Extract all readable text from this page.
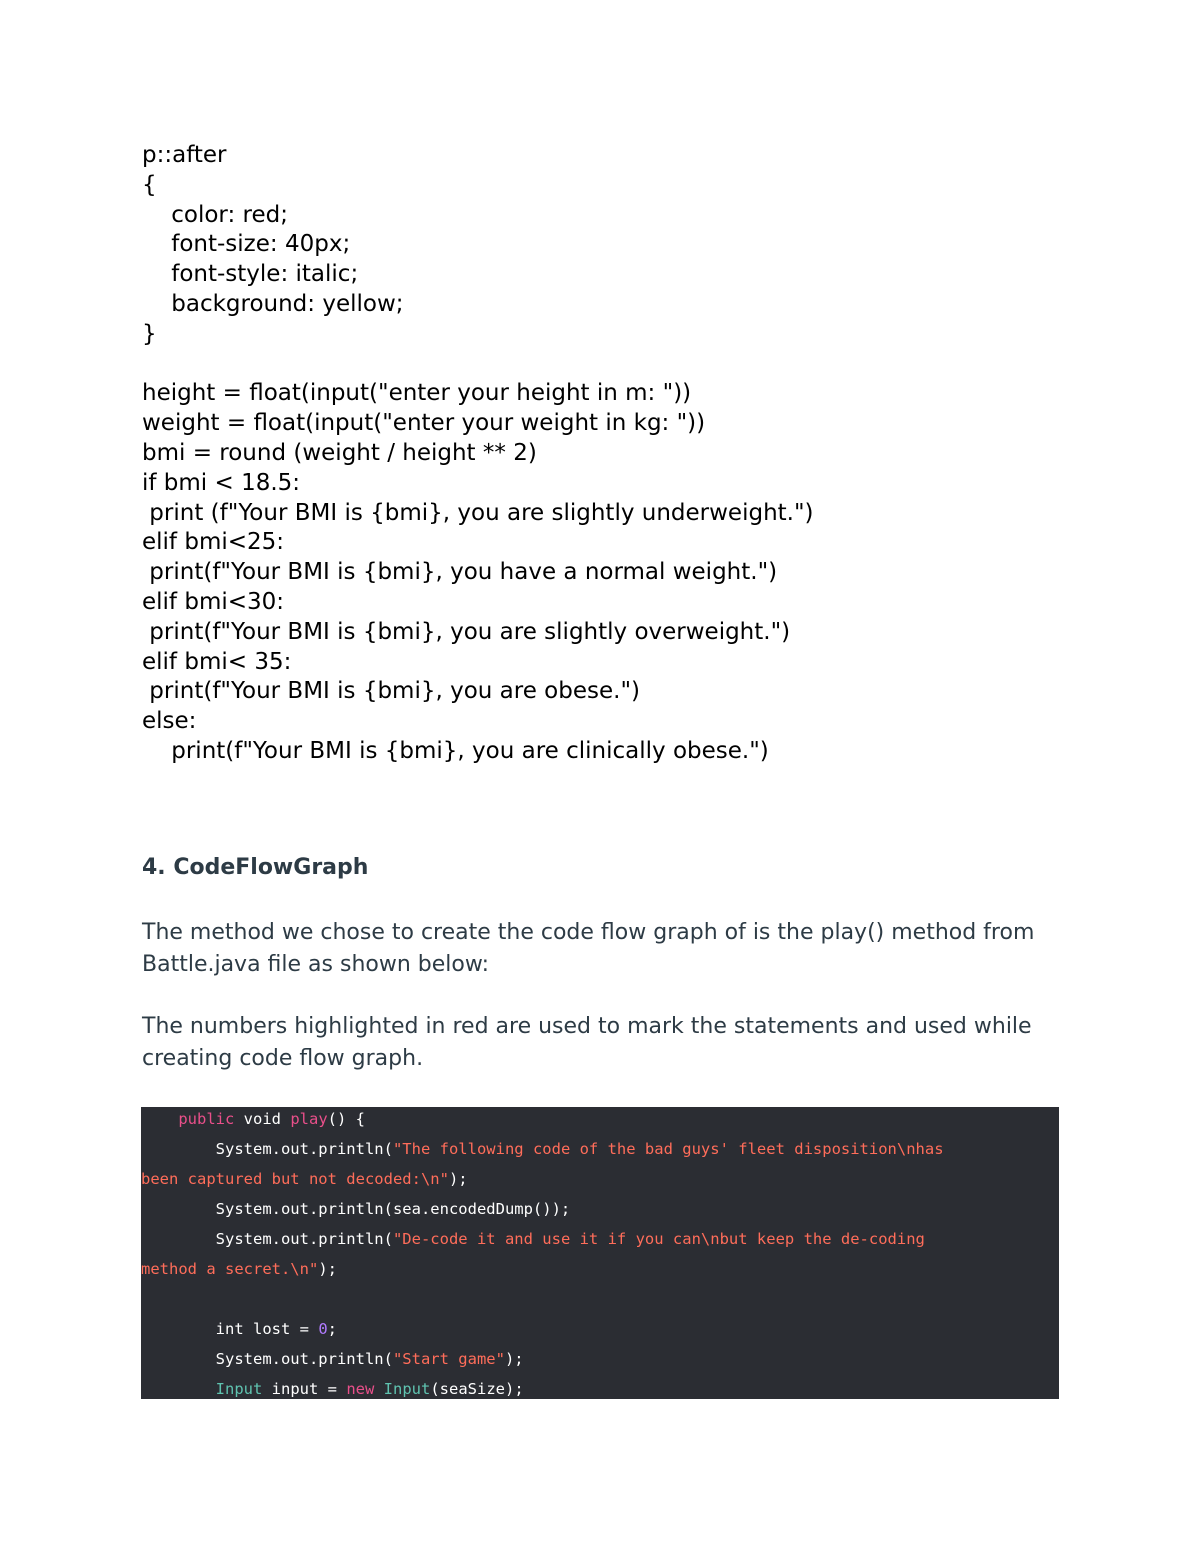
p::after

{

color: red;

font-size: 40px;

font-style: italic;

background: yellow;

}

height = float(input("enter your height in m: "))

weight = float(input("enter your weight in kg: "))

bmi = round (weight / height ** 2)

if bmi < 18.5:

print (f"Your BMI is {bmi}, you are slightly underweight.")

elif bmi<25:

print(f"Your BMI is {bmi}, you have a normal weight.")

elif bmi<30:

print(f"Your BMI is {bmi}, you are slightly overweight.")

elif bmi< 35:

print(f"Your BMI is {bmi}, you are obese.")

else:

print(f"Your BMI is {bmi}, you are clinically obese.")

4. CodeFlowGraph

The method we chose to create the code flow graph of is the play() method from Battle.java file as shown below:

The numbers highlighted in red are used to mark the statements and used while creating code flow graph.

public void play() {
System.out.println("The following code of the bad guys' fleet disposition\nhas
been captured but not decoded:\n");
System.out.println(sea.encodedDump());
System.out.println("De-code it and use it if you can\nbut keep the de-coding
method a secret.\n");
int lost = 0;
System.out.println("Start game");
Input input = new Input(seaSize);
